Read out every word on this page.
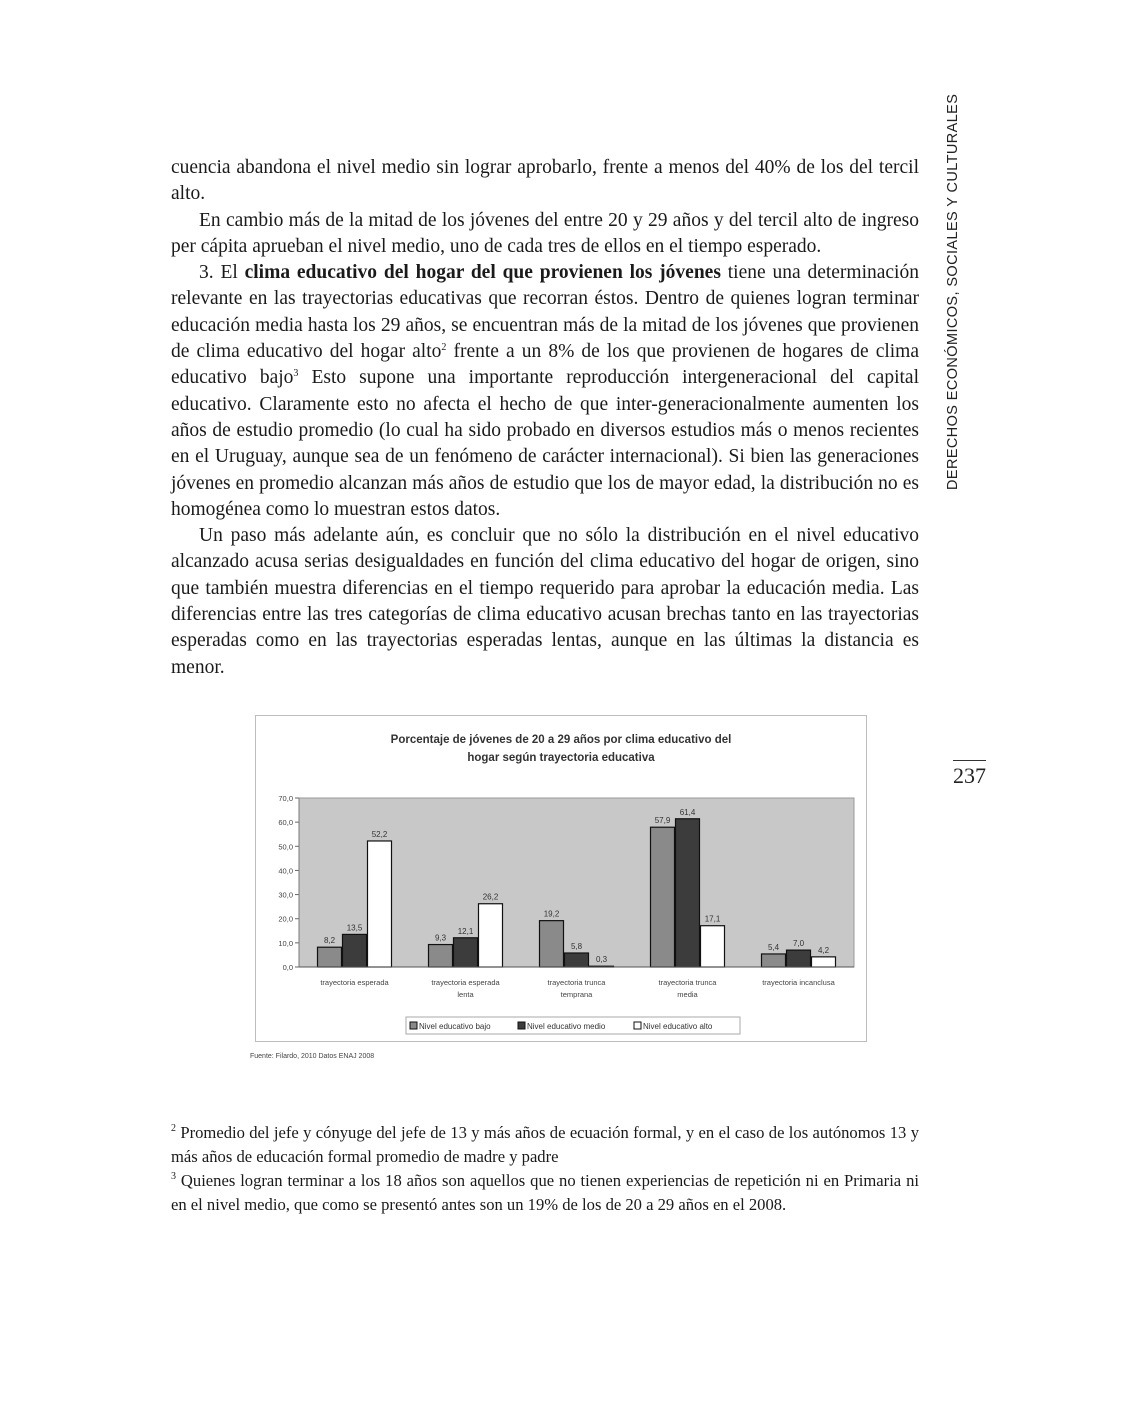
cuencia abandona el nivel medio sin lograr aprobarlo, frente a menos del 40% de los del tercil alto.

En cambio más de la mitad de los jóvenes del entre 20 y 29 años y del tercil alto de ingreso per cápita aprueban el nivel medio, uno de cada tres de ellos en el tiempo esperado.

3. El clima educativo del hogar del que provienen los jóvenes tiene una determinación relevante en las trayectorias educativas que recorran éstos. Dentro de quienes logran terminar educación media hasta los 29 años, se encuentran más de la mitad de los jóvenes que provienen de clima educativo del hogar alto$^2$ frente a un 8% de los que provienen de hogares de clima educativo bajo$^3$ Esto supone una importante reproducción intergeneracional del capital educativo. Claramente esto no afecta el hecho de que inter-generacionalmente aumenten los años de estudio promedio (lo cual ha sido probado en diversos estudios más o menos recientes en el Uruguay, aunque sea de un fenómeno de carácter internacional). Si bien las generaciones jóvenes en promedio alcanzan más años de estudio que los de mayor edad, la distribución no es homogénea como lo muestran estos datos.

Un paso más adelante aún, es concluir que no sólo la distribución en el nivel educativo alcanzado acusa serias desigualdades en función del clima educativo del hogar de origen, sino que también muestra diferencias en el tiempo requerido para aprobar la educación media. Las diferencias entre las tres categorías de clima educativo acusan brechas tanto en las trayectorias esperadas como en las trayectorias esperadas lentas, aunque en las últimas la distancia es menor.

DERECHOS ECONÓMICOS, SOCIALES Y CULTURALES
237
Porcentaje de jóvenes de 20 a 29 años por clima educativo del
hogar según trayectoria educativa
0,0
10,0
20,0
30,0
40,0
50,0
60,0
70,0
8,2
13,5
52,2
trayectoria esperada
9,3
12,1
26,2
trayectoria esperada
lenta
19,2
5,8
0,3
trayectoria trunca
temprana
57,9
61,4
17,1
trayectoria trunca
media
5,4 7,0
4,2
trayectoria incanclusa
Nivel educativo bajo	Nivel educativo medio	Nivel educativo alto
Fuente: Filardo, 2010 Datos ENAJ 2008

$^2$ Promedio del jefe y cónyuge del jefe de 13 y más años de ecuación formal, y en el caso de los autónomos 13 y más años de educación formal promedio de madre y padre

$^3$ Quienes logran terminar a los 18 años son aquellos que no tienen experiencias de repetición ni en Primaria ni en el nivel medio, que como se presentó antes son un 19% de los de 20 a 29 años en el 2008.
